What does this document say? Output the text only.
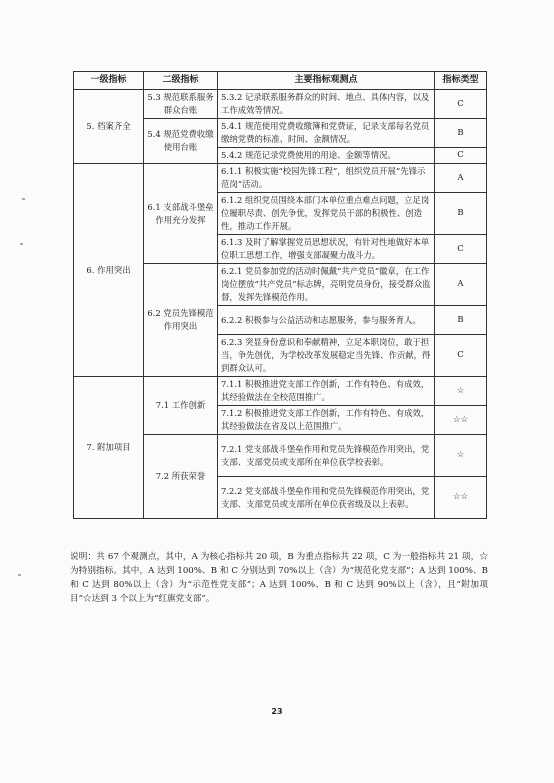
一级指标	二级指标	主要指标观测点	指标类型
5. 档案齐全	5.3 规范联系服务群众台账	5.3.2 记录联系服务群众的时间、地点、具体内容，以及工作成效等情况。	C
	5.4 规范党费收缴使用台账	5.4.1 规范使用党费收缴簿和党费证，记录支部每名党员缴纳党费的标准、时间、金额情况。	B
		5.4.2 规范记录党费使用的用途、金额等情况。	C
6. 作用突出	6.1 支部战斗堡垒作用充分发挥	6.1.1 积极实施“校园先锋工程”，组织党员开展“先锋示范岗”活动。	A
		6.1.2 组织党员围绕本部门本单位重点难点问题，立足岗位履职尽责、创先争优，发挥党员干部的积极性、创造性，推动工作开展。	B
		6.1.3 及时了解掌握党员思想状况，有针对性地做好本单位职工思想工作，增强支部凝聚力战斗力。	C
	6.2 党员先锋模范作用突出	6.2.1 党员参加党的活动时佩戴“共产党员”徽章，在工作岗位摆放“共产党员”标志牌，亮明党员身份，接受群众监督，发挥先锋模范作用。	A
		6.2.2 积极参与公益活动和志愿服务，参与服务育人。	B
		6.2.3 突显身份意识和奉献精神，立足本职岗位，敢于担当，争先创优，为学校改革发展稳定当先锋、作贡献，得到群众认可。	C
7. 附加项目	7.1 工作创新	7.1.1 积极推进党支部工作创新，工作有特色、有成效，其经验做法在全校范围推广。	☆
		7.1.2 积极推进党支部工作创新，工作有特色、有成效，其经验做法在省及以上范围推广。	☆☆
	7.2 所获荣誉	7.2.1 党支部战斗堡垒作用和党员先锋模范作用突出，党支部、支部党员或支部所在单位获学校表彰。	☆
		7.2.2 党支部战斗堡垒作用和党员先锋模范作用突出，党支部、支部党员或支部所在单位获省级及以上表彰。	☆☆
说明：共 67 个观测点，其中，A 为核心指标共 20 项，B 为重点指标共 22 项，C 为一般指标共 21 项，☆为特别指标。其中，A 达到 100%、B 和 C 分别达到 70%以上（含）为“规范化党支部”；A 达到 100%、B 和 C 达到 80%以上（含）为“示范性党支部”；A 达到 100%、B 和 C 达到 90%以上（含），且“附加项目”☆达到 3 个以上为“红旗党支部”。
23
